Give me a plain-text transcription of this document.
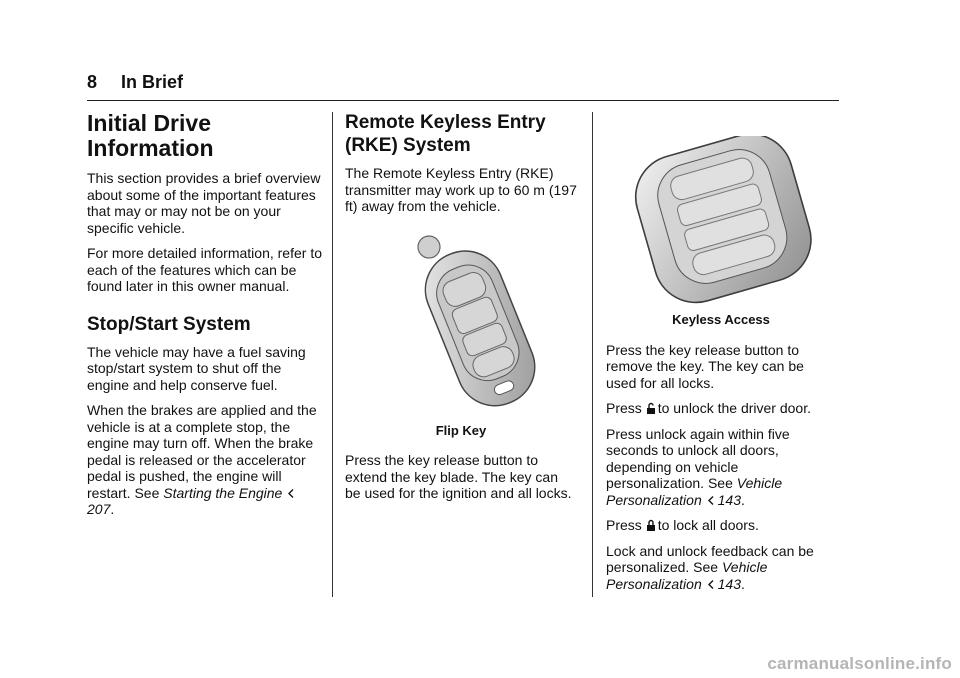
8 In Brief
Initial Drive
Information

This section provides a brief overview about some of the important features that may or may not be on your specific vehicle.

For more detailed information, refer to each of the features which can be found later in this owner manual.

Stop/Start System

The vehicle may have a fuel saving stop/start system to shut off the engine and help conserve fuel.

When the brakes are applied and the vehicle is at a complete stop, the engine may turn off. When the brake pedal is released or the accelerator pedal is pushed, the engine will restart. See Starting the Engine 207.

Remote Keyless Entry
(RKE) System

The Remote Keyless Entry (RKE) transmitter may work up to 60 m (197 ft) away from the vehicle.

Flip Key

Press the key release button to extend the key blade. The key can be used for the ignition and all locks.

Keyless Access

Press the key release button to remove the key. The key can be used for all locks.

Press to unlock the driver door.

Press unlock again within five seconds to unlock all doors, depending on vehicle personalization. See Vehicle Personalization 143.

Press to lock all doors.

Lock and unlock feedback can be personalized. See Vehicle Personalization 143.

carmanualsonline.info
